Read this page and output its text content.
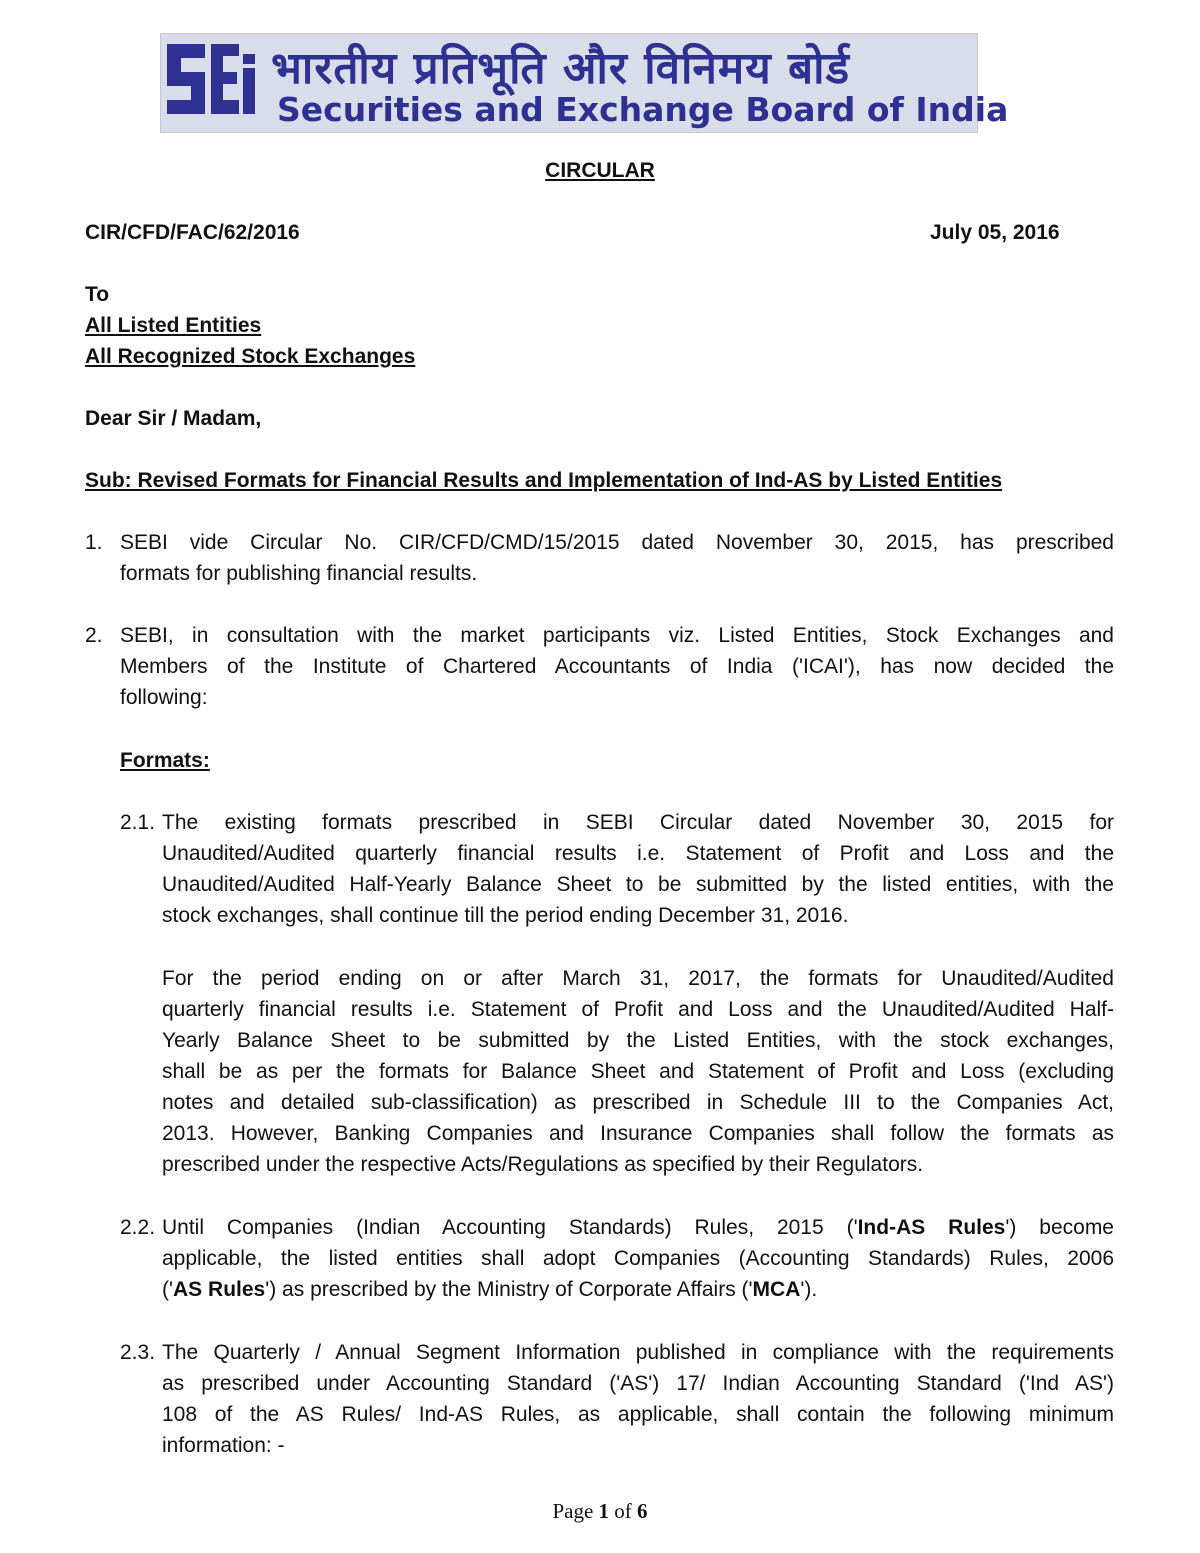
भारतीय प्रतिभूति और विनिमय बोर्ड
Securities and Exchange Board of India
CIRCULAR
CIR/CFD/FAC/62/2016	July 05, 2016
To
All Listed Entities
All Recognized Stock Exchanges
Dear Sir / Madam,
Sub: Revised Formats for Financial Results and Implementation of Ind-AS by Listed Entities
1. SEBI vide Circular No. CIR/CFD/CMD/15/2015 dated November 30, 2015, has prescribed
formats for publishing financial results.
2. SEBI, in consultation with the market participants viz. Listed Entities, Stock Exchanges and
Members of the Institute of Chartered Accountants of India ('ICAI'), has now decided the
following:
Formats:
2.1. The existing formats prescribed in SEBI Circular dated November 30, 2015 for
Unaudited/Audited quarterly financial results i.e. Statement of Profit and Loss and the
Unaudited/Audited Half-Yearly Balance Sheet to be submitted by the listed entities, with the
stock exchanges, shall continue till the period ending December 31, 2016.
For the period ending on or after March 31, 2017, the formats for Unaudited/Audited
quarterly financial results i.e. Statement of Profit and Loss and the Unaudited/Audited Half-
Yearly Balance Sheet to be submitted by the Listed Entities, with the stock exchanges,
shall be as per the formats for Balance Sheet and Statement of Profit and Loss (excluding
notes and detailed sub-classification) as prescribed in Schedule III to the Companies Act,
2013. However, Banking Companies and Insurance Companies shall follow the formats as
prescribed under the respective Acts/Regulations as specified by their Regulators.
2.2. Until Companies (Indian Accounting Standards) Rules, 2015 ('Ind-AS Rules') become
applicable, the listed entities shall adopt Companies (Accounting Standards) Rules, 2006
('AS Rules') as prescribed by the Ministry of Corporate Affairs ('MCA').
2.3. The Quarterly / Annual Segment Information published in compliance with the requirements
as prescribed under Accounting Standard ('AS') 17/ Indian Accounting Standard ('Ind AS')
108 of the AS Rules/ Ind-AS Rules, as applicable, shall contain the following minimum
information: -
Page 1 of 6
